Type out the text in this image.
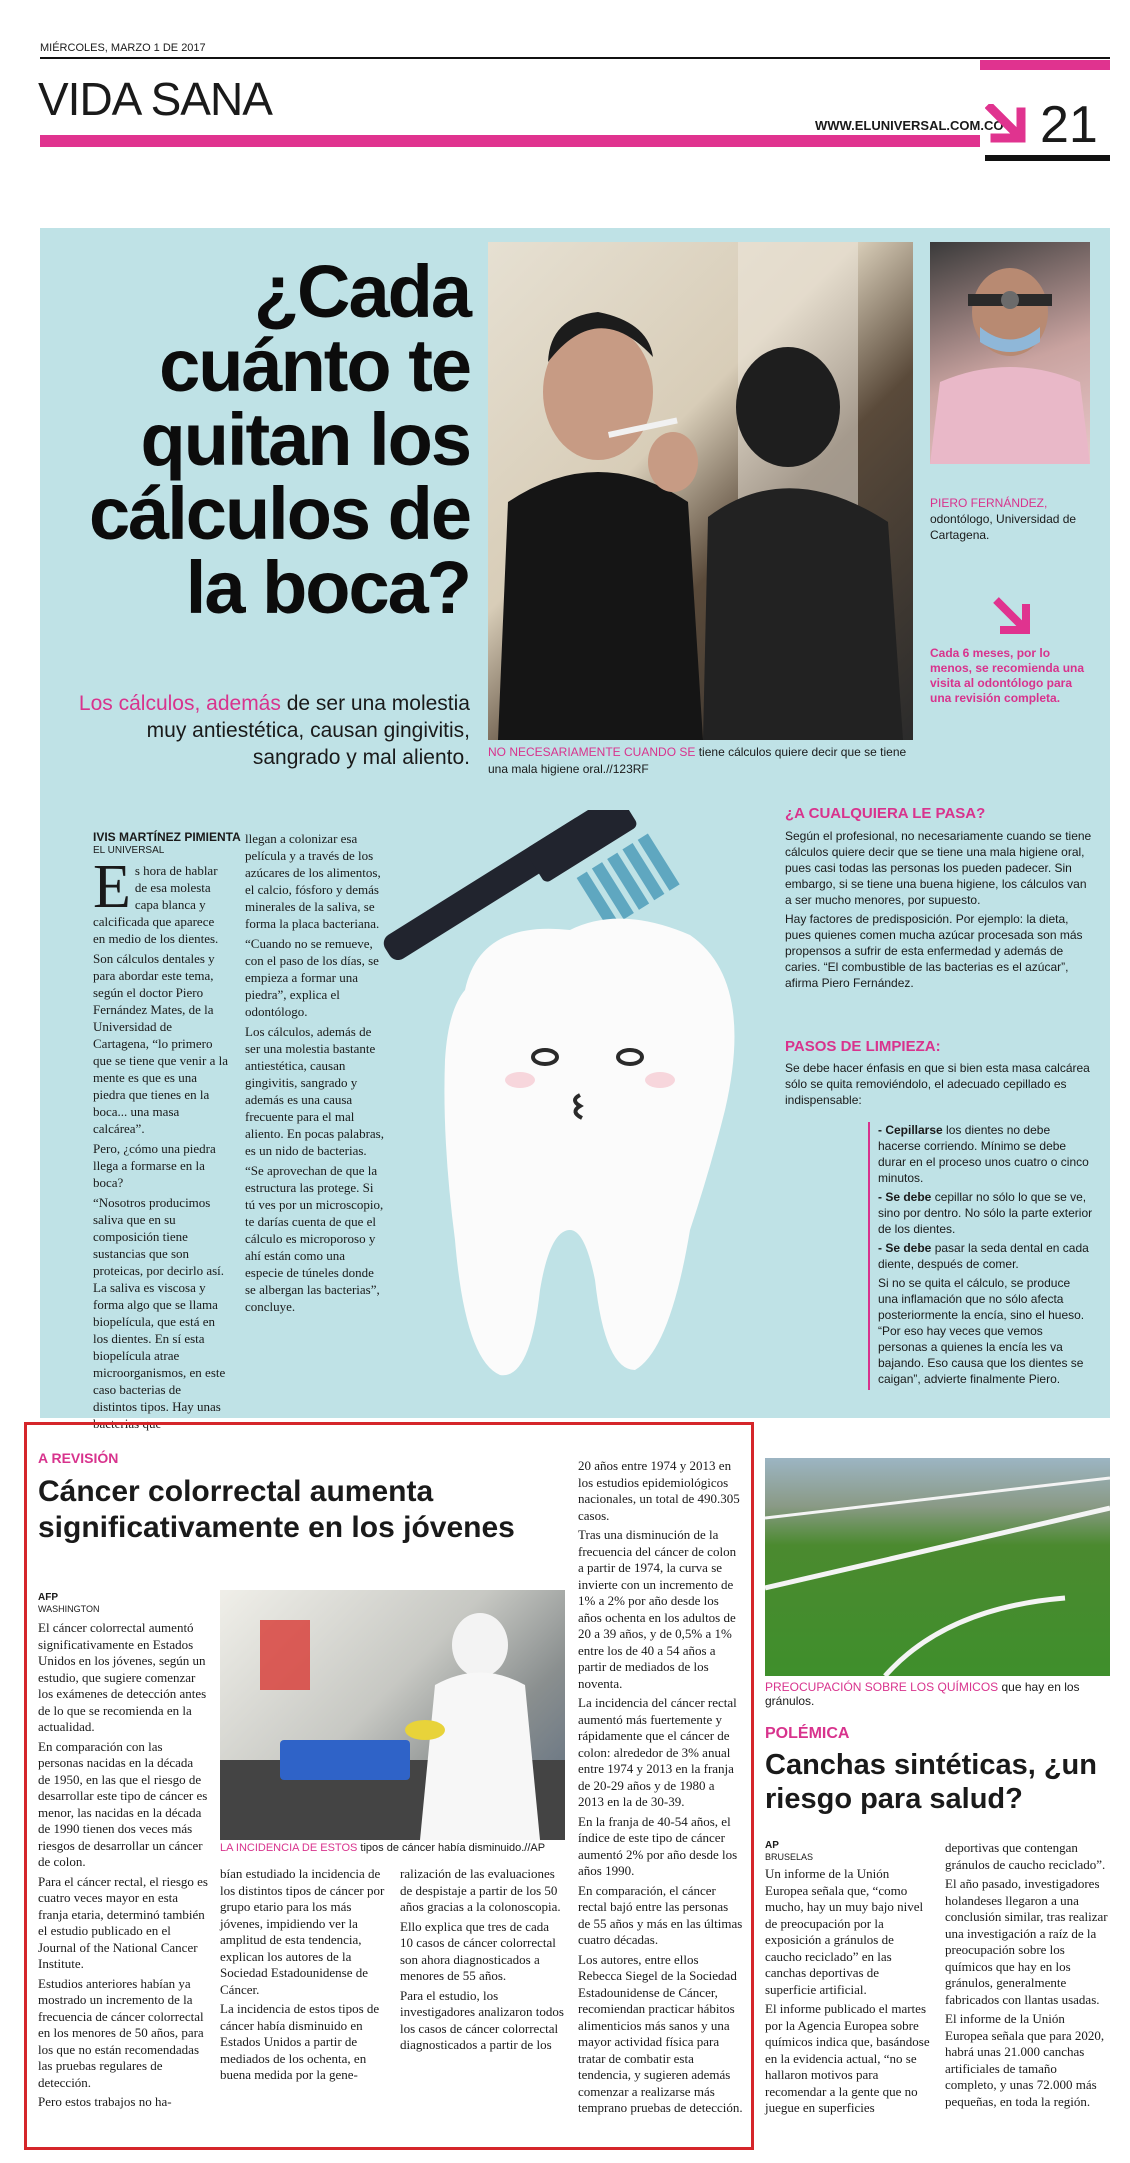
MIÉRCOLES, MARZO 1 DE 2017
VIDA SANA
WWW.ELUNIVERSAL.COM.CO 21
¿Cada cuánto te quitan los cálculos de la boca?
Los cálculos, además de ser una molestia muy antiestética, causan gingivitis, sangrado y mal aliento. NO NECESARIAMENTE CUANDO SE tiene cálculos quiere decir que se tiene una mala higiene oral.//123RF
PIERO FERNÁNDEZ, odontólogo, Universidad de Cartagena.
Cada 6 meses, por lo menos, se recomienda una visita al odontólogo para una revisión completa.
IVIS MARTÍNEZ PIMIENTA
EL UNIVERSAL

Es hora de hablar de esa molesta capa blanca y calcificada que aparece en medio de los dientes.

Son cálculos dentales y para abordar este tema, según el doctor Piero Fernández Mates, de la Universidad de Cartagena, “lo primero que se tiene que venir a la mente es que es una piedra que tienes en la boca... una masa calcárea”.

Pero, ¿cómo una piedra llega a formarse en la boca?

“Nosotros producimos saliva que en su composición tiene sustancias que son proteicas, por decirlo así. La saliva es viscosa y forma algo que se llama biopelícula, que está en los dientes. En sí esta biopelícula atrae microorganismos, en este caso bacterias de distintos tipos. Hay unas bacterias que

llegan a colonizar esa película y a través de los azúcares de los alimentos, el calcio, fósforo y demás minerales de la saliva, se forma la placa bacteriana.

“Cuando no se remueve, con el paso de los días, se empieza a formar una piedra”, explica el odontólogo.

Los cálculos, además de ser una molestia bastante antiestética, causan gingivitis, sangrado y además es una causa frecuente para el mal aliento. En pocas palabras, es un nido de bacterias.

“Se aprovechan de que la estructura las protege. Si tú ves por un microscopio, te darías cuenta de que el cálculo es microporoso y ahí están como una especie de túneles donde se albergan las bacterias”, concluye.

¿A CUALQUIERA LE PASA?

Según el profesional, no necesariamente cuando se tiene cálculos quiere decir que se tiene una mala higiene oral, pues casi todas las personas los pueden padecer. Sin embargo, si se tiene una buena higiene, los cálculos van a ser mucho menores, por supuesto.

Hay factores de predisposición. Por ejemplo: la dieta, pues quienes comen mucha azúcar procesada son más propensos a sufrir de esta enfermedad y además de caries. “El combustible de las bacterias es el azúcar”, afirma Piero Fernández.

PASOS DE LIMPIEZA:
Se debe hacer énfasis en que si bien esta masa calcárea sólo se quita removiéndolo, el adecuado cepillado es indispensable:

- Cepillarse los dientes no debe hacerse corriendo. Mínimo se debe durar en el proceso unos cuatro o cinco minutos.

- Se debe cepillar no sólo lo que se ve, sino por dentro. No sólo la parte exterior de los dientes.

- Se debe pasar la seda dental en cada diente, después de comer.

Si no se quita el cálculo, se produce una inflamación que no sólo afecta posteriormente la encía, sino el hueso. “Por eso hay veces que vemos personas a quienes la encía les va bajando. Eso causa que los dientes se caigan”, advierte finalmente Piero.

A REVISIÓN
Cáncer colorrectal aumenta significativamente en los jóvenes
AFP
WASHINGTON

El cáncer colorrectal aumentó significativamente en Estados Unidos en los jóvenes, según un estudio, que sugiere comenzar los exámenes de detección antes de lo que se recomienda en la actualidad.

En comparación con las personas nacidas en la década de 1950, en las que el riesgo de desarrollar este tipo de cáncer es menor, las nacidas en la década de 1990 tienen dos veces más riesgos de desarrollar un cáncer de colon.

Para el cáncer rectal, el riesgo es cuatro veces mayor en esta franja etaria, determinó también el estudio publicado en el Journal of the National Cancer Institute.

Estudios anteriores habían ya mostrado un incremento de la frecuencia de cáncer colorrectal en los menores de 50 años, para los que no están recomendadas las pruebas regulares de detección.

Pero estos trabajos no ha-

LA INCIDENCIA DE ESTOS tipos de cáncer había disminuido.//AP

bían estudiado la incidencia de los distintos tipos de cáncer por grupo etario para los más jóvenes, impidiendo ver la amplitud de esta tendencia, explican los autores de la Sociedad Estadounidense de Cáncer.

La incidencia de estos tipos de cáncer había disminuido en Estados Unidos a partir de mediados de los ochenta, en buena medida por la gene-

ralización de las evaluaciones de despistaje a partir de los 50 años gracias a la colonoscopia.

Ello explica que tres de cada 10 casos de cáncer colorrectal son ahora diagnosticados a menores de 55 años.

Para el estudio, los investigadores analizaron todos los casos de cáncer colorrectal diagnosticados a partir de los

20 años entre 1974 y 2013 en los estudios epidemiológicos nacionales, un total de 490.305 casos.

Tras una disminución de la frecuencia del cáncer de colon a partir de 1974, la curva se invierte con un incremento de 1% a 2% por año desde los años ochenta en los adultos de 20 a 39 años, y de 0,5% a 1% entre los de 40 a 54 años a partir de mediados de los noventa.

La incidencia del cáncer rectal aumentó más fuertemente y rápidamente que el cáncer de colon: alrededor de 3% anual entre 1974 y 2013 en la franja de 20-29 años y de 1980 a 2013 en la de 30-39.

En la franja de 40-54 años, el índice de este tipo de cáncer aumentó 2% por año desde los años 1990.

En comparación, el cáncer rectal bajó entre las personas de 55 años y más en las últimas cuatro décadas.

Los autores, entre ellos Rebecca Siegel de la Sociedad Estadounidense de Cáncer, recomiendan practicar hábitos alimenticios más sanos y una mayor actividad física para tratar de combatir esta tendencia, y sugieren además comenzar a realizarse más temprano pruebas de detección.

PREOCUPACIÓN SOBRE LOS QUÍMICOS que hay en los gránulos.
POLÉMICA
Canchas sintéticas, ¿un riesgo para salud?
AP
BRUSELAS

Un informe de la Unión Europea señala que, “como mucho, hay un muy bajo nivel de preocupación por la exposición a gránulos de caucho reciclado” en las canchas deportivas de superficie artificial.

El informe publicado el martes por la Agencia Europea sobre químicos indica que, basándose en la evidencia actual, “no se hallaron motivos para recomendar a la gente que no juegue en superficies

deportivas que contengan gránulos de caucho reciclado”.

El año pasado, investigadores holandeses llegaron a una conclusión similar, tras realizar una investigación a raíz de la preocupación sobre los químicos que hay en los gránulos, generalmente fabricados con llantas usadas.

El informe de la Unión Europea señala que para 2020, habrá unas 21.000 canchas artificiales de tamaño completo, y unas 72.000 más pequeñas, en toda la región.
